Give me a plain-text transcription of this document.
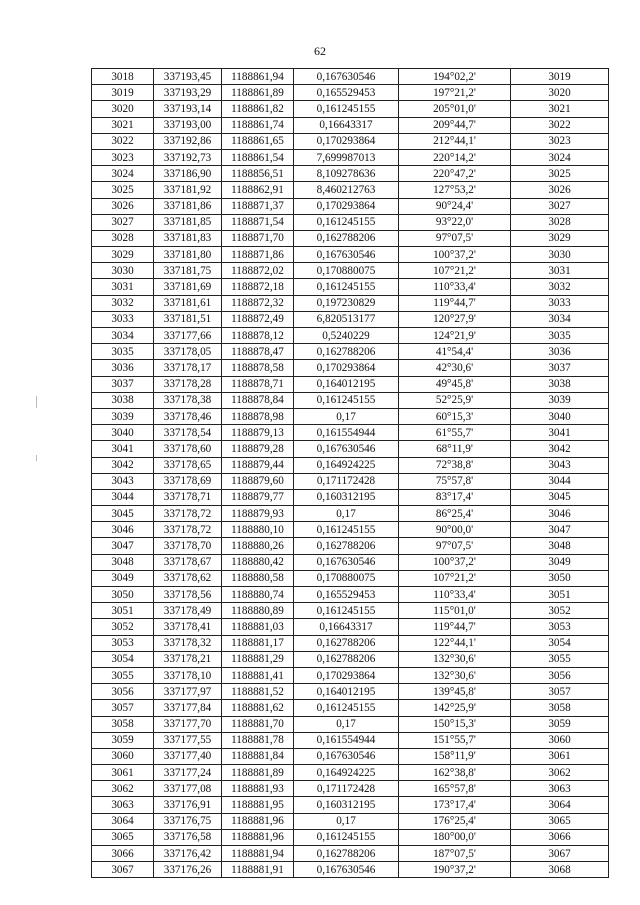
62
3018	337193,45	1188861,94	0,167630546	194°02,2'	3019
3019	337193,29	1188861,89	0,165529453	197°21,2'	3020
3020	337193,14	1188861,82	0,161245155	205°01,0'	3021
3021	337193,00	1188861,74	0,16643317	209°44,7'	3022
3022	337192,86	1188861,65	0,170293864	212°44,1'	3023
3023	337192,73	1188861,54	7,699987013	220°14,2'	3024
3024	337186,90	1188856,51	8,109278636	220°47,2'	3025
3025	337181,92	1188862,91	8,460212763	127°53,2'	3026
3026	337181,86	1188871,37	0,170293864	90°24,4'	3027
3027	337181,85	1188871,54	0,161245155	93°22,0'	3028
3028	337181,83	1188871,70	0,162788206	97°07,5'	3029
3029	337181,80	1188871,86	0,167630546	100°37,2'	3030
3030	337181,75	1188872,02	0,170880075	107°21,2'	3031
3031	337181,69	1188872,18	0,161245155	110°33,4'	3032
3032	337181,61	1188872,32	0,197230829	119°44,7'	3033
3033	337181,51	1188872,49	6,820513177	120°27,9'	3034
3034	337177,66	1188878,12	0,5240229	124°21,9'	3035
3035	337178,05	1188878,47	0,162788206	41°54,4'	3036
3036	337178,17	1188878,58	0,170293864	42°30,6'	3037
3037	337178,28	1188878,71	0,164012195	49°45,8'	3038
3038	337178,38	1188878,84	0,161245155	52°25,9'	3039
3039	337178,46	1188878,98	0,17	60°15,3'	3040
3040	337178,54	1188879,13	0,161554944	61°55,7'	3041
3041	337178,60	1188879,28	0,167630546	68°11,9'	3042
3042	337178,65	1188879,44	0,164924225	72°38,8'	3043
3043	337178,69	1188879,60	0,171172428	75°57,8'	3044
3044	337178,71	1188879,77	0,160312195	83°17,4'	3045
3045	337178,72	1188879,93	0,17	86°25,4'	3046
3046	337178,72	1188880,10	0,161245155	90°00,0'	3047
3047	337178,70	1188880,26	0,162788206	97°07,5'	3048
3048	337178,67	1188880,42	0,167630546	100°37,2'	3049
3049	337178,62	1188880,58	0,170880075	107°21,2'	3050
3050	337178,56	1188880,74	0,165529453	110°33,4'	3051
3051	337178,49	1188880,89	0,161245155	115°01,0'	3052
3052	337178,41	1188881,03	0,16643317	119°44,7'	3053
3053	337178,32	1188881,17	0,162788206	122°44,1'	3054
3054	337178,21	1188881,29	0,162788206	132°30,6'	3055
3055	337178,10	1188881,41	0,170293864	132°30,6'	3056
3056	337177,97	1188881,52	0,164012195	139°45,8'	3057
3057	337177,84	1188881,62	0,161245155	142°25,9'	3058
3058	337177,70	1188881,70	0,17	150°15,3'	3059
3059	337177,55	1188881,78	0,161554944	151°55,7'	3060
3060	337177,40	1188881,84	0,167630546	158°11,9'	3061
3061	337177,24	1188881,89	0,164924225	162°38,8'	3062
3062	337177,08	1188881,93	0,171172428	165°57,8'	3063
3063	337176,91	1188881,95	0,160312195	173°17,4'	3064
3064	337176,75	1188881,96	0,17	176°25,4'	3065
3065	337176,58	1188881,96	0,161245155	180°00,0'	3066
3066	337176,42	1188881,94	0,162788206	187°07,5'	3067
3067	337176,26	1188881,91	0,167630546	190°37,2'	3068
